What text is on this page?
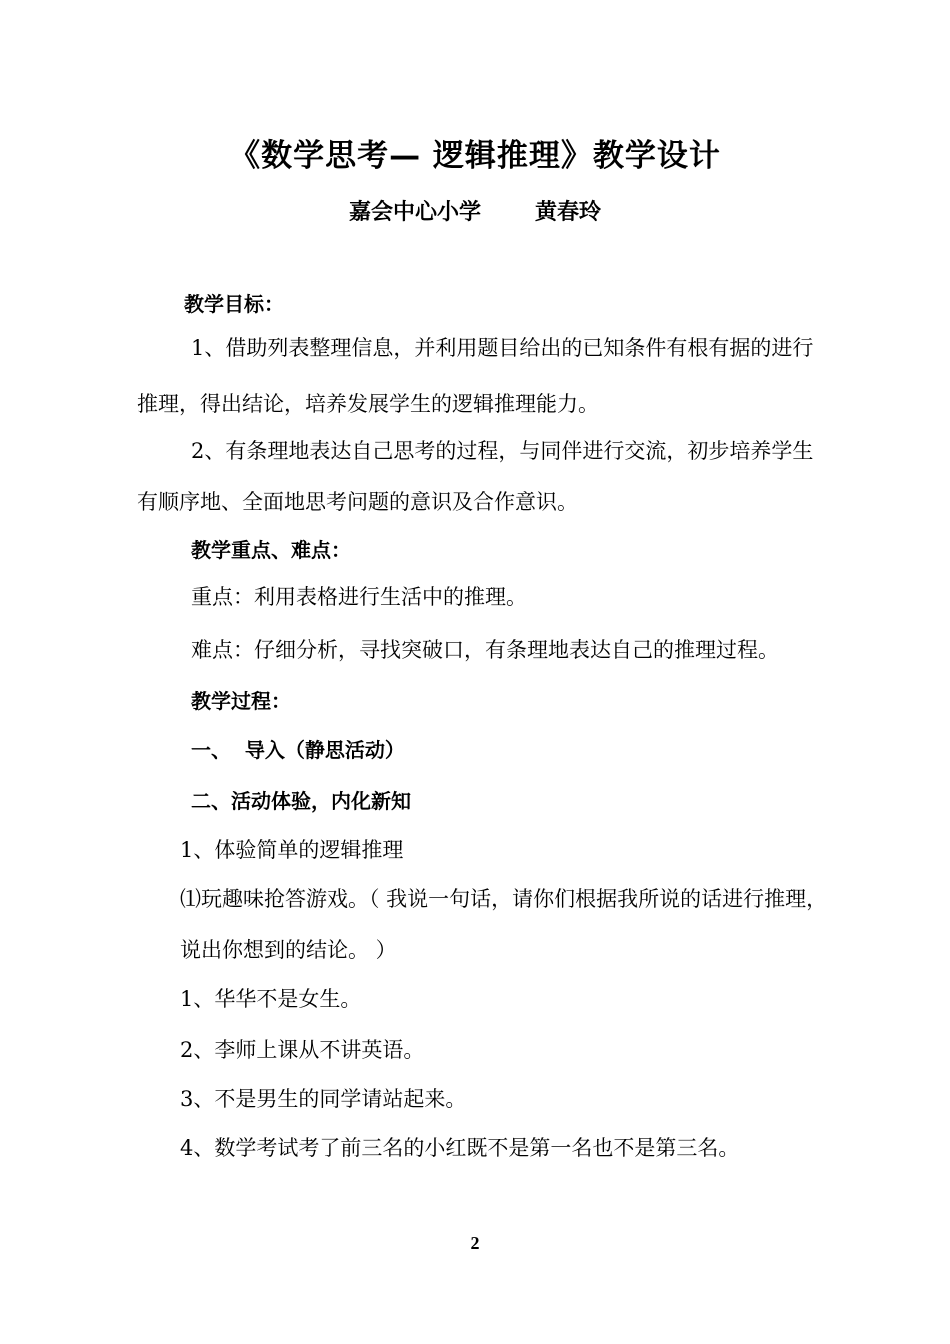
《数学思考— 逻辑推理》教学设计
嘉会中心小学 黄春玲
教学目标：
1、借助列表整理信息，并利用题目给出的已知条件有根有据的进行
推理，得出结论，培养发展学生的逻辑推理能力。
2、有条理地表达自己思考的过程，与同伴进行交流，初步培养学生
有顺序地、全面地思考问题的意识及合作意识。
教学重点、难点：
重点：利用表格进行生活中的推理。
难点：仔细分析，寻找突破口，有条理地表达自己的推理过程。
教学过程：
一、  导入（静思活动）
二、活动体验，内化新知
1、体验简单的逻辑推理
⑴玩趣味抢答游戏。（ 我说一句话，请你们根据我所说的话进行推理，
说出你想到的结论。 ）
1、华华不是女生。
2、李师上课从不讲英语。
3、不是男生的同学请站起来。
4、数学考试考了前三名的小红既不是第一名也不是第三名。
2
